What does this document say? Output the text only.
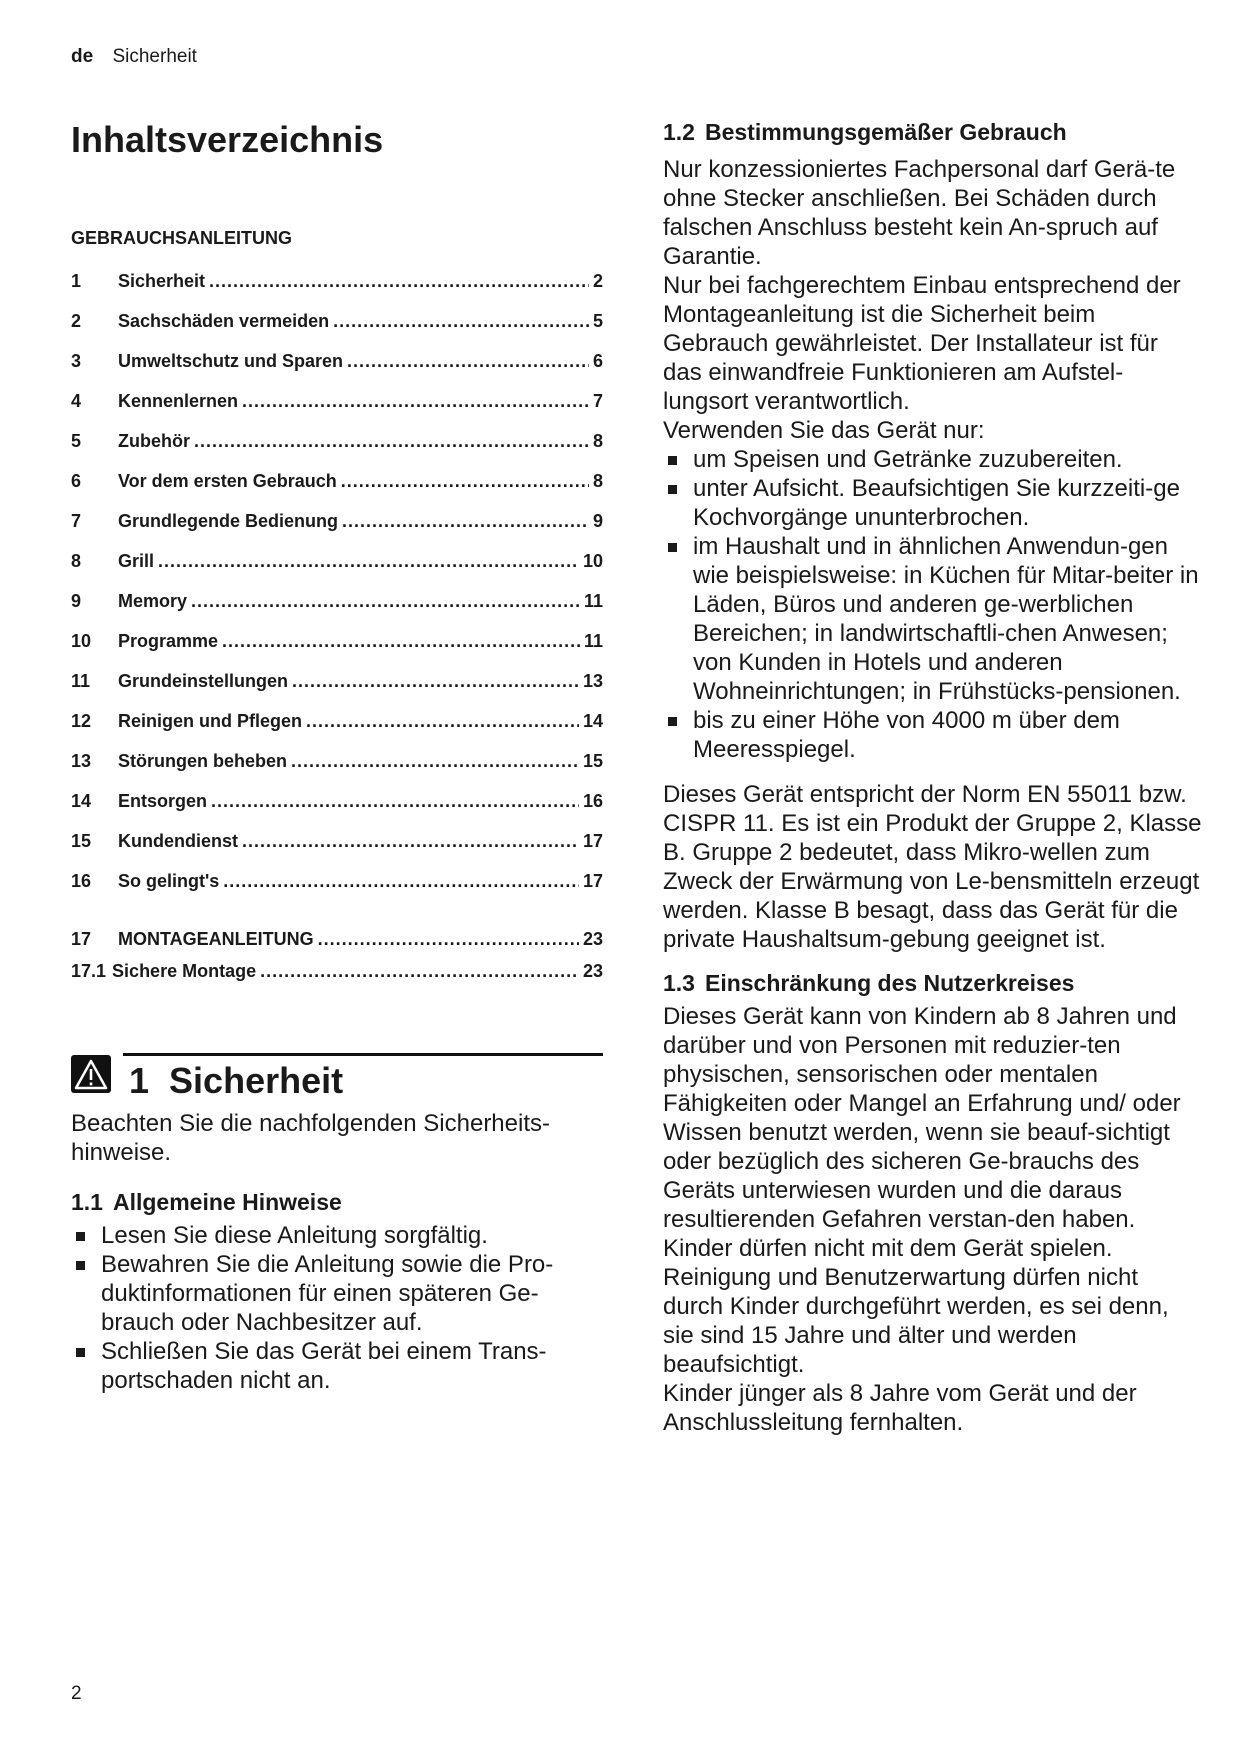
de Sicherheit
Inhaltsverzeichnis
GEBRAUCHSANLEITUNG
1	Sicherheit .....	2
2	Sachschäden vermeiden .....	5
3	Umweltschutz und Sparen .....	6
4	Kennenlernen .....	7
5	Zubehör .....	8
6	Vor dem ersten Gebrauch .....	8
7	Grundlegende Bedienung .....	9
8	Grill .....	10
9	Memory .....	11
10	Programme .....	11
11	Grundeinstellungen .....	13
12	Reinigen und Pflegen .....	14
13	Störungen beheben .....	15
14	Entsorgen .....	16
15	Kundendienst .....	17
16	So gelingt's .....	17
17	MONTAGEANLEITUNG .....	23
17.1 Sichere Montage .....	23
1 Sicherheit

Beachten Sie die nachfolgenden Sicherheits-hinweise.

1.1 Allgemeine Hinweise
Lesen Sie diese Anleitung sorgfältig.
Bewahren Sie die Anleitung sowie die Pro-duktinformationen für einen späteren Ge-brauch oder Nachbesitzer auf.
Schließen Sie das Gerät bei einem Trans-portschaden nicht an.
1.2 Bestimmungsgemäßer Gebrauch

Nur konzessioniertes Fachpersonal darf Gerä-te ohne Stecker anschließen. Bei Schäden durch falschen Anschluss besteht kein An-spruch auf Garantie.

Nur bei fachgerechtem Einbau entsprechend der Montageanleitung ist die Sicherheit beim Gebrauch gewährleistet. Der Installateur ist für das einwandfreie Funktionieren am Aufstel-lungsort verantwortlich.

Verwenden Sie das Gerät nur:

um Speisen und Getränke zuzubereiten.
unter Aufsicht. Beaufsichtigen Sie kurzzeiti-ge Kochvorgänge ununterbrochen.
im Haushalt und in ähnlichen Anwendun-gen wie beispielsweise: in Küchen für Mitar-beiter in Läden, Büros und anderen ge-werblichen Bereichen; in landwirtschaftli-chen Anwesen; von Kunden in Hotels und anderen Wohneinrichtungen; in Frühstücks-pensionen.
bis zu einer Höhe von 4000 m über dem Meeresspiegel.

Dieses Gerät entspricht der Norm EN 55011 bzw. CISPR 11. Es ist ein Produkt der Gruppe 2, Klasse B. Gruppe 2 bedeutet, dass Mikro-wellen zum Zweck der Erwärmung von Le-bensmitteln erzeugt werden. Klasse B besagt, dass das Gerät für die private Haushaltsum-gebung geeignet ist.

1.3 Einschränkung des Nutzerkreises

Dieses Gerät kann von Kindern ab 8 Jahren und darüber und von Personen mit reduzier-ten physischen, sensorischen oder mentalen Fähigkeiten oder Mangel an Erfahrung und/ oder Wissen benutzt werden, wenn sie beauf-sichtigt oder bezüglich des sicheren Ge-brauchs des Geräts unterwiesen wurden und die daraus resultierenden Gefahren verstan-den haben.

Kinder dürfen nicht mit dem Gerät spielen.

Reinigung und Benutzerwartung dürfen nicht durch Kinder durchgeführt werden, es sei denn, sie sind 15 Jahre und älter und werden beaufsichtigt.

Kinder jünger als 8 Jahre vom Gerät und der Anschlussleitung fernhalten.

2
